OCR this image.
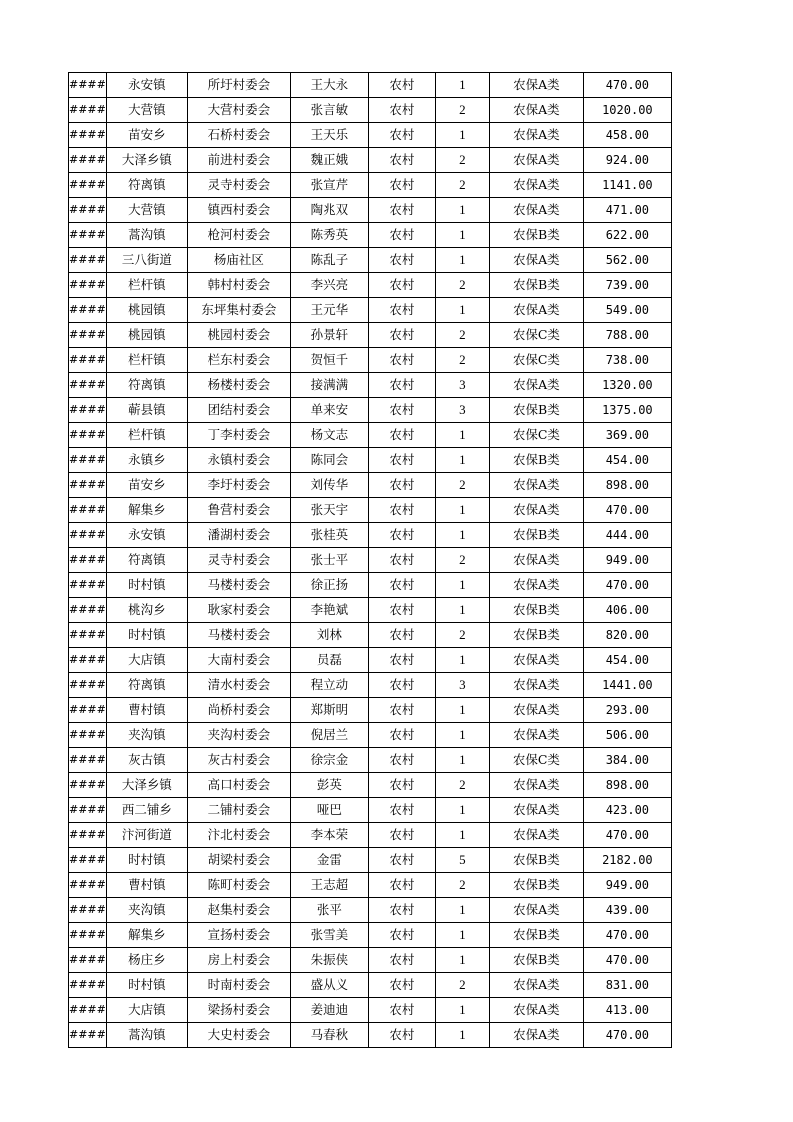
####	永安镇	所圩村委会	王大永	农村	1	农保A类	470.00
####	大营镇	大营村委会	张言敏	农村	2	农保A类	1020.00
####	苗安乡	石桥村委会	王天乐	农村	1	农保A类	458.00
####	大泽乡镇	前进村委会	魏正娥	农村	2	农保A类	924.00
####	符离镇	灵寺村委会	张宣芹	农村	2	农保A类	1141.00
####	大营镇	镇西村委会	陶兆双	农村	1	农保A类	471.00
####	蒿沟镇	枪河村委会	陈秀英	农村	1	农保B类	622.00
####	三八街道	杨庙社区	陈乱子	农村	1	农保A类	562.00
####	栏杆镇	韩村村委会	李兴亮	农村	2	农保B类	739.00
####	桃园镇	东坪集村委会	王元华	农村	1	农保A类	549.00
####	桃园镇	桃园村委会	孙景轩	农村	2	农保C类	788.00
####	栏杆镇	栏东村委会	贺恒千	农村	2	农保C类	738.00
####	符离镇	杨楼村委会	接满满	农村	3	农保A类	1320.00
####	蕲县镇	团结村委会	单来安	农村	3	农保B类	1375.00
####	栏杆镇	丁李村委会	杨文志	农村	1	农保C类	369.00
####	永镇乡	永镇村委会	陈同会	农村	1	农保B类	454.00
####	苗安乡	李圩村委会	刘传华	农村	2	农保A类	898.00
####	解集乡	鲁营村委会	张天宇	农村	1	农保A类	470.00
####	永安镇	潘湖村委会	张桂英	农村	1	农保B类	444.00
####	符离镇	灵寺村委会	张士平	农村	2	农保A类	949.00
####	时村镇	马楼村委会	徐正扬	农村	1	农保A类	470.00
####	桃沟乡	耿家村委会	李艳斌	农村	1	农保B类	406.00
####	时村镇	马楼村委会	刘林	农村	2	农保B类	820.00
####	大店镇	大南村委会	员磊	农村	1	农保A类	454.00
####	符离镇	清水村委会	程立动	农村	3	农保A类	1441.00
####	曹村镇	尚桥村委会	郑斯明	农村	1	农保A类	293.00
####	夹沟镇	夹沟村委会	倪居兰	农村	1	农保A类	506.00
####	灰古镇	灰古村委会	徐宗金	农村	1	农保C类	384.00
####	大泽乡镇	高口村委会	彭英	农村	2	农保A类	898.00
####	西二铺乡	二铺村委会	哑巴	农村	1	农保A类	423.00
####	汴河街道	汴北村委会	李本荣	农村	1	农保A类	470.00
####	时村镇	胡梁村委会	金雷	农村	5	农保B类	2182.00
####	曹村镇	陈町村委会	王志超	农村	2	农保B类	949.00
####	夹沟镇	赵集村委会	张平	农村	1	农保A类	439.00
####	解集乡	宣扬村委会	张雪美	农村	1	农保B类	470.00
####	杨庄乡	房上村委会	朱振侠	农村	1	农保B类	470.00
####	时村镇	时南村委会	盛从义	农村	2	农保A类	831.00
####	大店镇	梁扬村委会	姜迪迪	农村	1	农保A类	413.00
####	蒿沟镇	大史村委会	马春秋	农村	1	农保A类	470.00
